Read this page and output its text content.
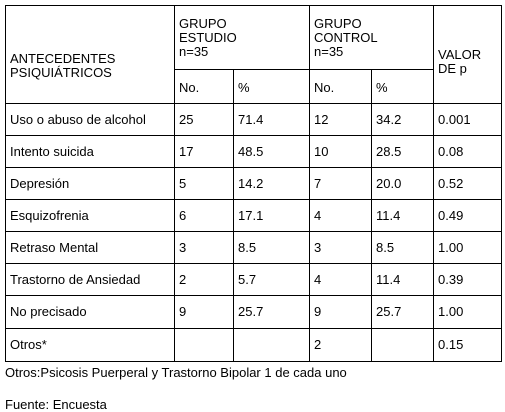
ANTECEDENTES PSIQUIÁTRICOS	GRUPO ESTUDIO n=35		GRUPO CONTROL n=35		VALOR DE p
	No.	%	No.	%	
Uso o abuso de alcohol	25	71.4	12	34.2	0.001
Intento suicida	17	48.5	10	28.5	0.08
Depresión	5	14.2	7	20.0	0.52
Esquizofrenia	6	17.1	4	11.4	0.49
Retraso Mental	3	8.5	3	8.5	1.00
Trastorno de Ansiedad	2	5.7	4	11.4	0.39
No precisado	9	25.7	9	25.7	1.00
Otros*			2		0.15
Otros:Psicosis Puerperal y Trastorno Bipolar 1 de cada uno
Fuente: Encuesta
